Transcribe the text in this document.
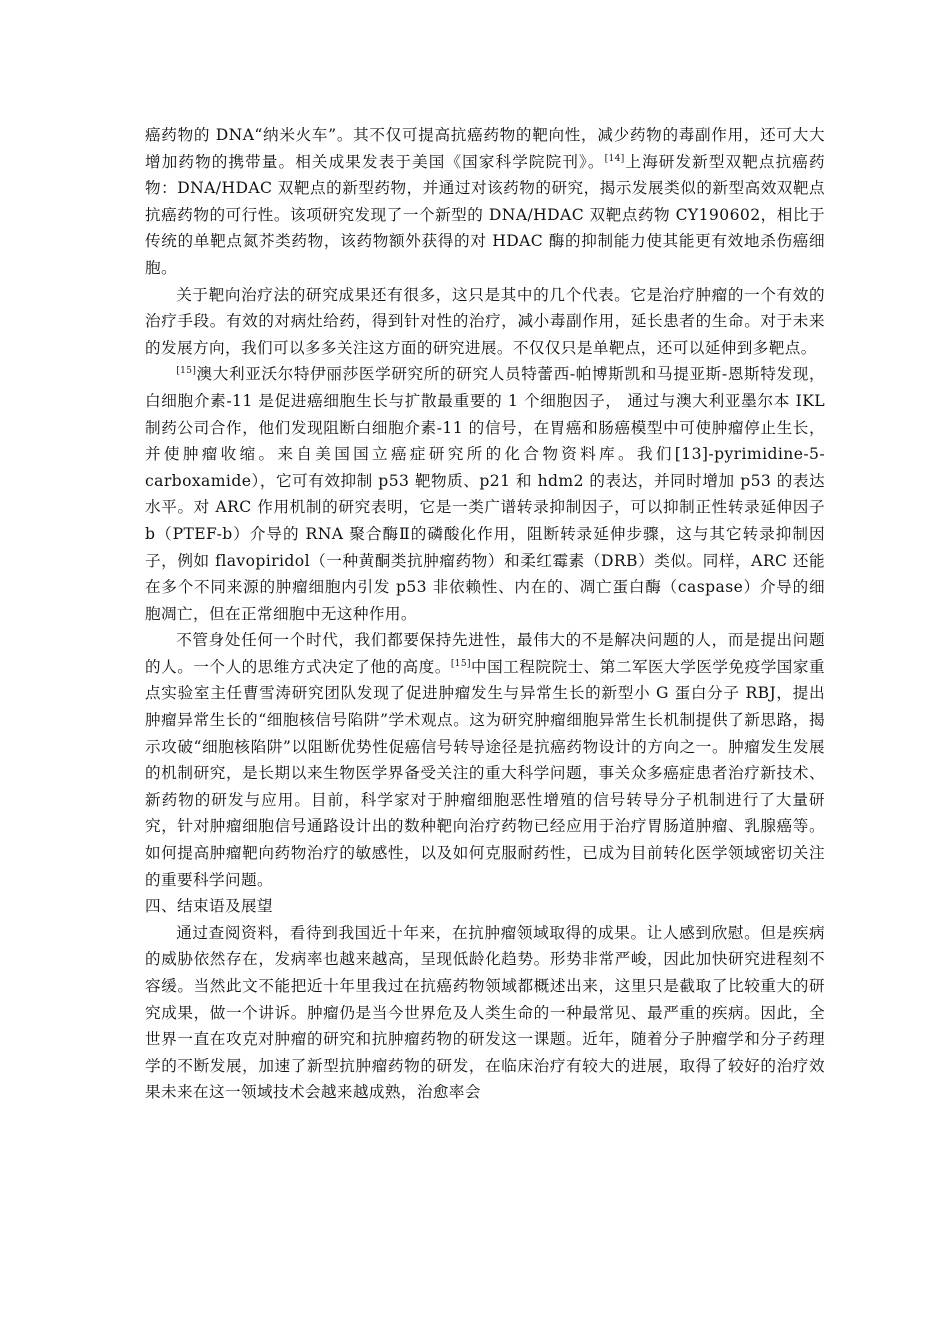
癌药物的 DNA“纳米火车”。其不仅可提高抗癌药物的靶向性，减少药物的毒副作用，还可大大增加药物的携带量。相关成果发表于美国《国家科学院院刊》。[14]上海研发新型双靶点抗癌药物：DNA/HDAC 双靶点的新型药物，并通过对该药物的研究，揭示发展类似的新型高效双靶点抗癌药物的可行性。该项研究发现了一个新型的 DNA/HDAC 双靶点药物 CY190602，相比于传统的单靶点氮芥类药物，该药物额外获得的对 HDAC 酶的抑制能力使其能更有效地杀伤癌细胞。

关于靶向治疗法的研究成果还有很多，这只是其中的几个代表。它是治疗肿瘤的一个有效的治疗手段。有效的对病灶给药，得到针对性的治疗，减小毒副作用，延长患者的生命。对于未来的发展方向，我们可以多多关注这方面的研究进展。不仅仅只是单靶点，还可以延伸到多靶点。

[15]澳大利亚沃尔特伊丽莎医学研究所的研究人员特蕾西-帕博斯凯和马提亚斯-恩斯特发现，白细胞介素-11 是促进癌细胞生长与扩散最重要的 1 个细胞因子， 通过与澳大利亚墨尔本 IKL 制药公司合作，他们发现阻断白细胞介素-11 的信号，在胃癌和肠癌模型中可使肿瘤停止生长，并使肿瘤收缩。来自美国国立癌症研究所的化合物资料库。我们[13]-pyrimidine-5-carboxamide），它可有效抑制 p53 靶物质、p21 和 hdm2 的表达，并同时增加 p53 的表达水平。对 ARC 作用机制的研究表明，它是一类广谱转录抑制因子，可以抑制正性转录延伸因子 b（PTEF-b）介导的 RNA 聚合酶Ⅱ的磷酸化作用，阻断转录延伸步骤，这与其它转录抑制因子，例如 flavopiridol（一种黄酮类抗肿瘤药物）和柔红霉素（DRB）类似。同样，ARC 还能在多个不同来源的肿瘤细胞内引发 p53 非依赖性、内在的、凋亡蛋白酶（caspase）介导的细胞凋亡，但在正常细胞中无这种作用。

不管身处任何一个时代，我们都要保持先进性，最伟大的不是解决问题的人，而是提出问题的人。一个人的思维方式决定了他的高度。[15]中国工程院院士、第二军医大学医学免疫学国家重点实验室主任曹雪涛研究团队发现了促进肿瘤发生与异常生长的新型小 G 蛋白分子 RBJ，提出肿瘤异常生长的“细胞核信号陷阱”学术观点。这为研究肿瘤细胞异常生长机制提供了新思路，揭示攻破“细胞核陷阱”以阻断优势性促癌信号转导途径是抗癌药物设计的方向之一。肿瘤发生发展的机制研究，是长期以来生物医学界备受关注的重大科学问题，事关众多癌症患者治疗新技术、新药物的研发与应用。目前，科学家对于肿瘤细胞恶性增殖的信号转导分子机制进行了大量研究，针对肿瘤细胞信号通路设计出的数种靶向治疗药物已经应用于治疗胃肠道肿瘤、乳腺癌等。如何提高肿瘤靶向药物治疗的敏感性，以及如何克服耐药性，已成为目前转化医学领域密切关注的重要科学问题。

四、结束语及展望

通过查阅资料，看待到我国近十年来，在抗肿瘤领域取得的成果。让人感到欣慰。但是疾病的威胁依然存在，发病率也越来越高，呈现低龄化趋势。形势非常严峻，因此加快研究进程刻不容缓。当然此文不能把近十年里我过在抗癌药物领域都概述出来，这里只是截取了比较重大的研究成果，做一个讲诉。肿瘤仍是当今世界危及人类生命的一种最常见、最严重的疾病。因此，全世界一直在攻克对肿瘤的研究和抗肿瘤药物的研发这一课题。近年，随着分子肿瘤学和分子药理学的不断发展，加速了新型抗肿瘤药物的研发，在临床治疗有较大的进展，取得了较好的治疗效果未来在这一领域技术会越来越成熟，治愈率会
